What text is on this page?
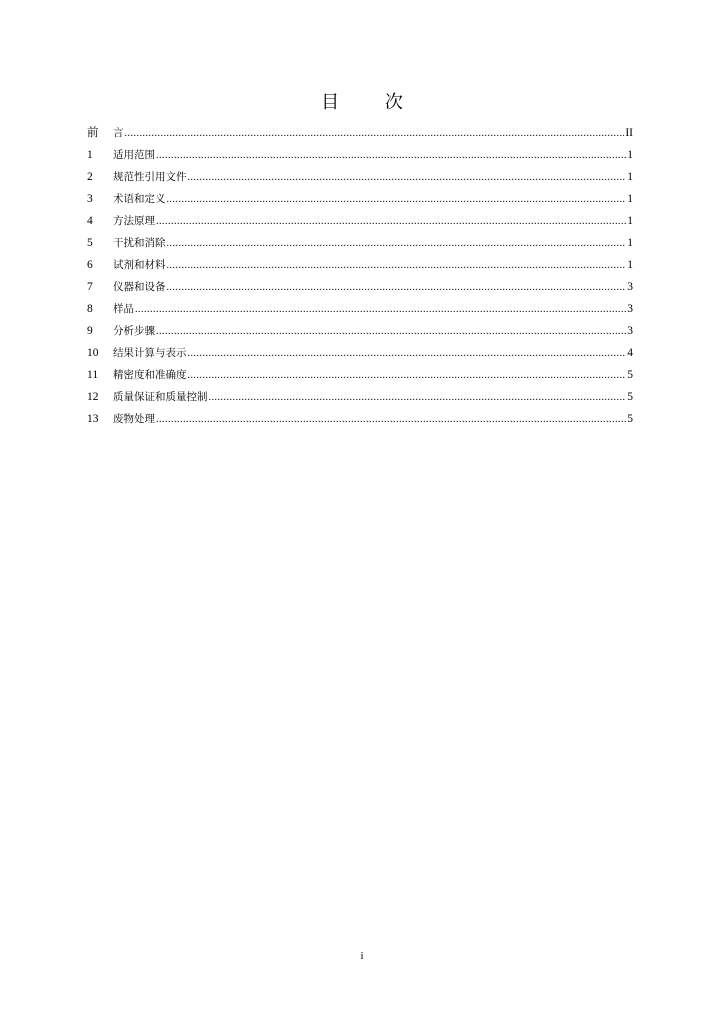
目 次
前	言 .....	II
1	适用范围 .....	1
2	规范性引用文件 .....	1
3	术语和定义 .....	1
4	方法原理 .....	1
5	干扰和消除 .....	1
6	试剂和材料 .....	1
7	仪器和设备 .....	3
8	样品 .....	3
9	分析步骤 .....	3
10	结果计算与表示 .....	4
11	精密度和准确度 .....	5
12	质量保证和质量控制 .....	5
13	废物处理 .....	5
i
